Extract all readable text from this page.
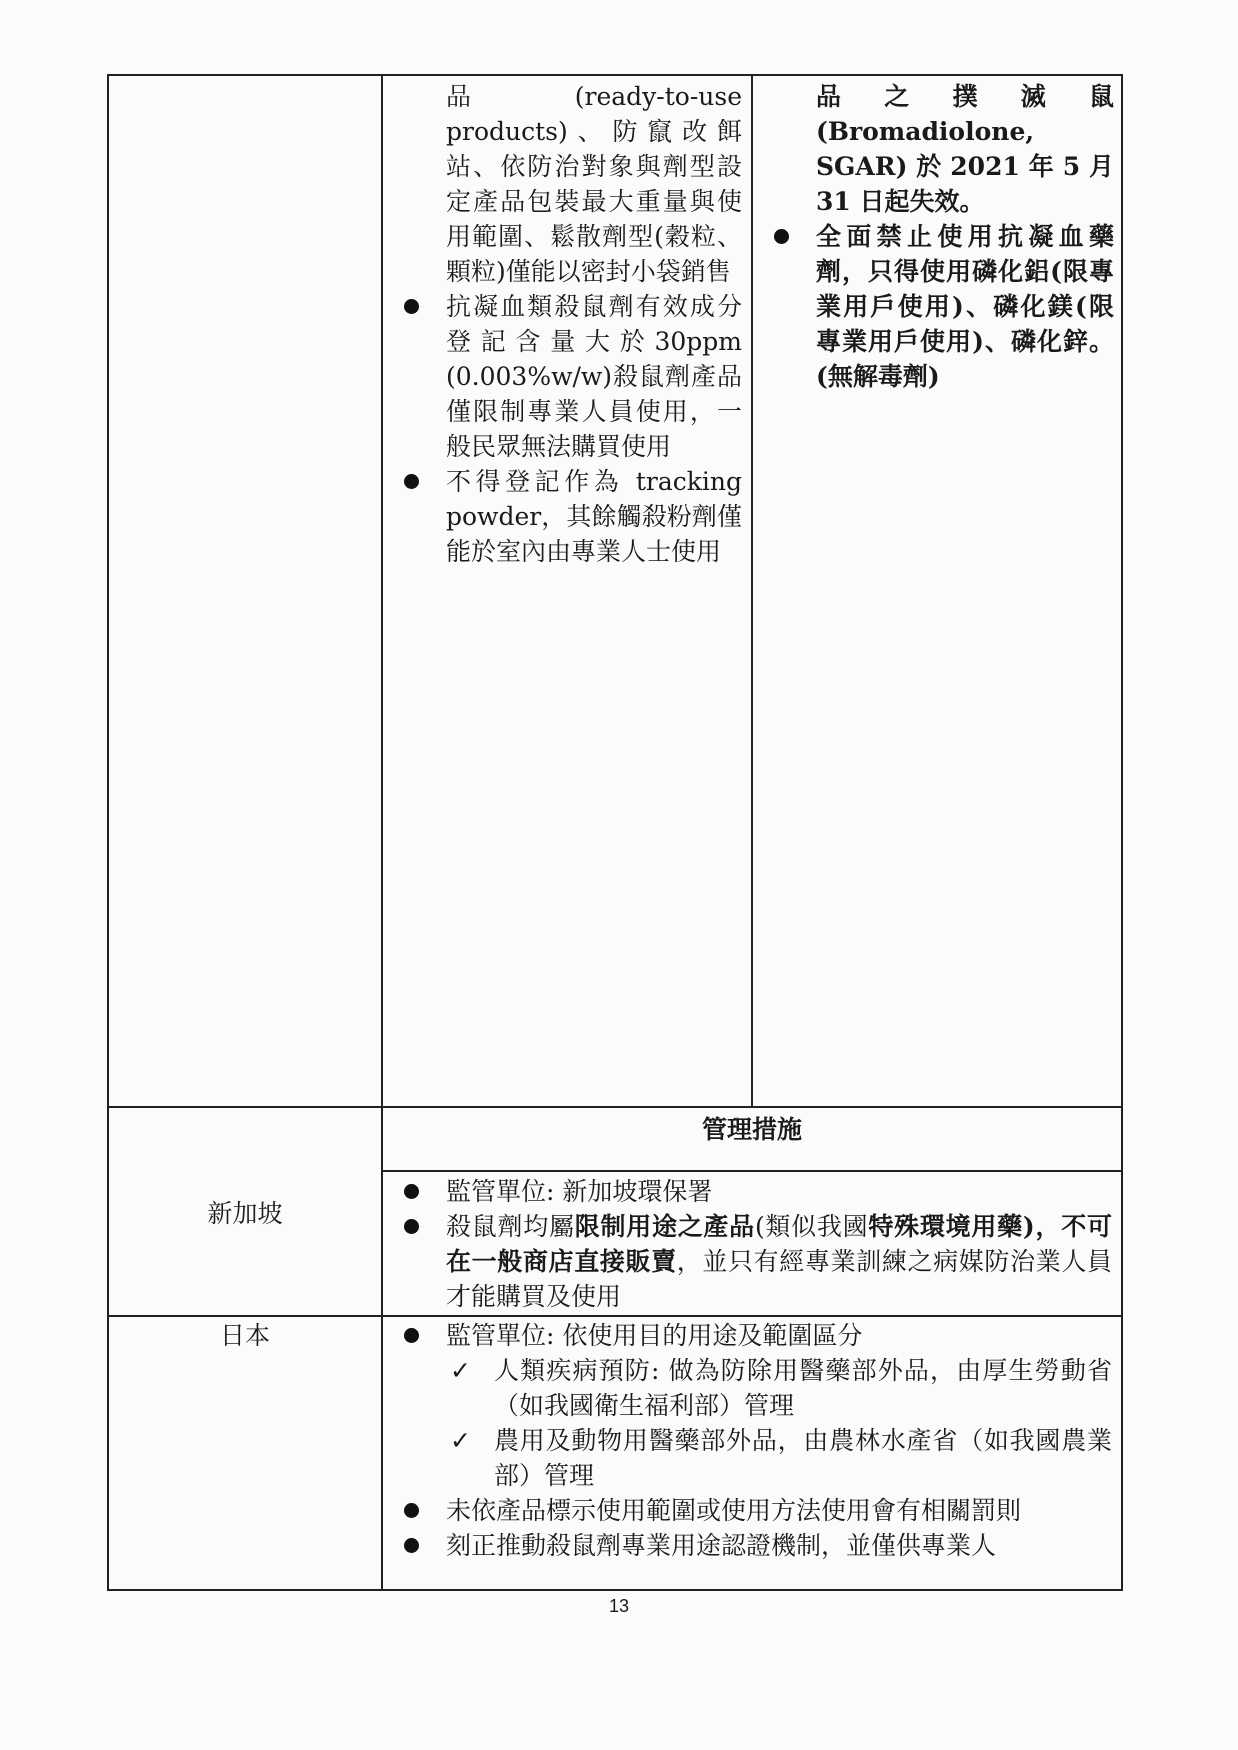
品 (ready-to-use products)、防竄改餌站、依防治對象與劑型設定產品包裝最大重量與使用範圍、鬆散劑型(穀粒、顆粒)僅能以密封小袋銷售

抗凝血類殺鼠劑有效成分登記含量大於30ppm (0.003%w/w)殺鼠劑產品僅限制專業人員使用，一般民眾無法購買使用
不得登記作為 tracking powder，其餘觸殺粉劑僅能於室內由專業人士使用

品之撲滅鼠 (Bromadiolone, SGAR) 於 2021 年 5 月 31 日起失效。

全面禁止使用抗凝血藥劑，只得使用磷化鋁(限專業用戶使用)、磷化鎂(限專業用戶使用)、磷化鋅。(無解毒劑)
管理措施
新加坡
監管單位: 新加坡環保署
殺鼠劑均屬限制用途之產品(類似我國特殊環境用藥)，不可在一般商店直接販賣，並只有經專業訓練之病媒防治業人員才能購買及使用
日本	監管單位: 依使用目的用途及範圍區分
✓ 人類疾病預防: 做為防除用醫藥部外品，由厚生勞動省（如我國衛生福利部）管理
✓ 農用及動物用醫藥部外品，由農林水產省（如我國農業部）管理
未依產品標示使用範圍或使用方法使用會有相關罰則
刻正推動殺鼠劑專業用途認證機制，並僅供專業人
13
